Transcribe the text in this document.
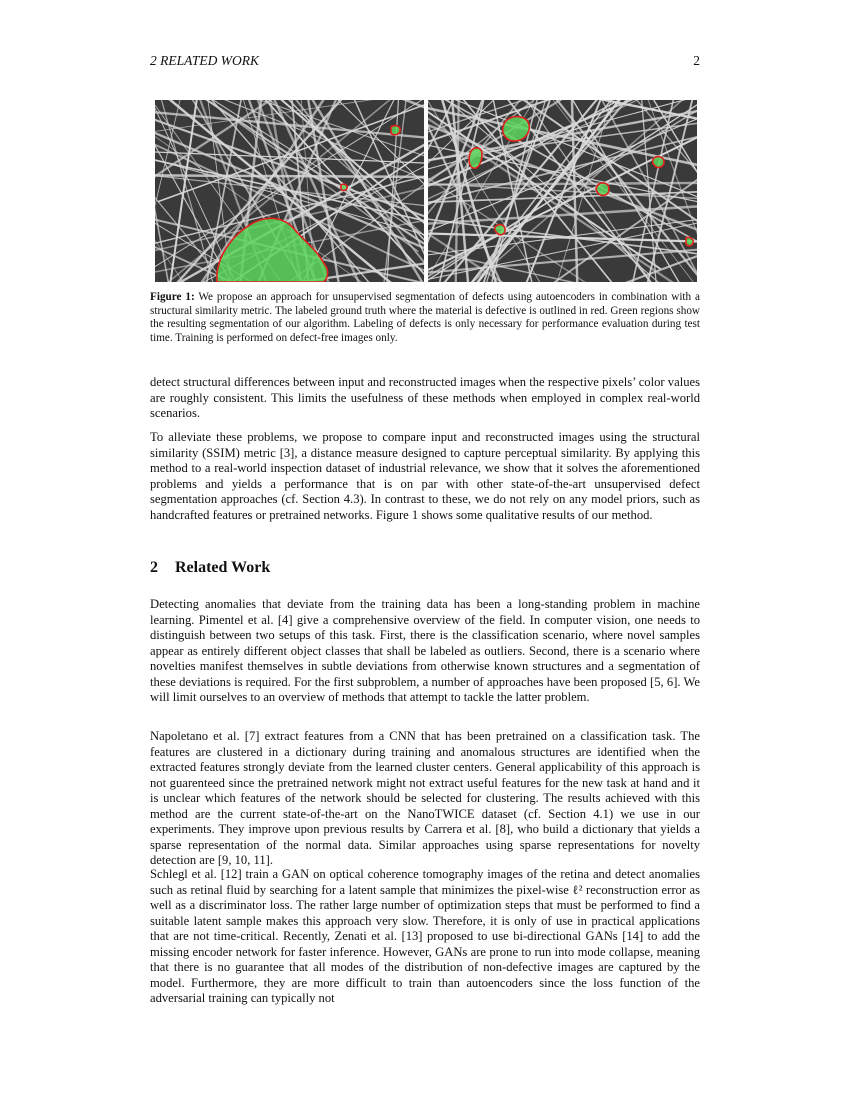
2 RELATED WORK	2
Figure 1: We propose an approach for unsupervised segmentation of defects using autoencoders in combination with a structural similarity metric. The labeled ground truth where the material is defective is outlined in red. Green regions show the resulting segmentation of our algorithm. Labeling of defects is only necessary for performance evaluation during test time. Training is performed on defect-free images only.

detect structural differences between input and reconstructed images when the respective pixels’ color values are roughly consistent. This limits the usefulness of these methods when employed in complex real-world scenarios.

To alleviate these problems, we propose to compare input and reconstructed images using the structural similarity (SSIM) metric [3], a distance measure designed to capture perceptual similarity. By applying this method to a real-world inspection dataset of industrial relevance, we show that it solves the aforementioned problems and yields a performance that is on par with other state-of-the-art unsupervised defect segmentation approaches (cf. Section 4.3). In contrast to these, we do not rely on any model priors, such as handcrafted features or pretrained networks. Figure 1 shows some qualitative results of our method.

2 Related Work

Detecting anomalies that deviate from the training data has been a long-standing problem in machine learning. Pimentel et al. [4] give a comprehensive overview of the field. In computer vision, one needs to distinguish between two setups of this task. First, there is the classification scenario, where novel samples appear as entirely different object classes that shall be labeled as outliers. Second, there is a scenario where novelties manifest themselves in subtle deviations from otherwise known structures and a segmentation of these deviations is required. For the first subproblem, a number of approaches have been proposed [5, 6]. We will limit ourselves to an overview of methods that attempt to tackle the latter problem.

Napoletano et al. [7] extract features from a CNN that has been pretrained on a classification task. The features are clustered in a dictionary during training and anomalous structures are identified when the extracted features strongly deviate from the learned cluster centers. General applicability of this approach is not guarenteed since the pretrained network might not extract useful features for the new task at hand and it is unclear which features of the network should be selected for clustering. The results achieved with this method are the current state-of-the-art on the NanoTWICE dataset (cf. Section 4.1) we use in our experiments. They improve upon previous results by Carrera et al. [8], who build a dictionary that yields a sparse representation of the normal data. Similar approaches using sparse representations for novelty detection are [9, 10, 11].

Schlegl et al. [12] train a GAN on optical coherence tomography images of the retina and detect anomalies such as retinal fluid by searching for a latent sample that minimizes the pixel-wise ℓ² reconstruction error as well as a discriminator loss. The rather large number of optimization steps that must be performed to find a suitable latent sample makes this approach very slow. Therefore, it is only of use in practical applications that are not time-critical. Recently, Zenati et al. [13] proposed to use bi-directional GANs [14] to add the missing encoder network for faster inference. However, GANs are prone to run into mode collapse, meaning that there is no guarantee that all modes of the distribution of non-defective images are captured by the model. Furthermore, they are more difficult to train than autoencoders since the loss function of the adversarial training can typically not
